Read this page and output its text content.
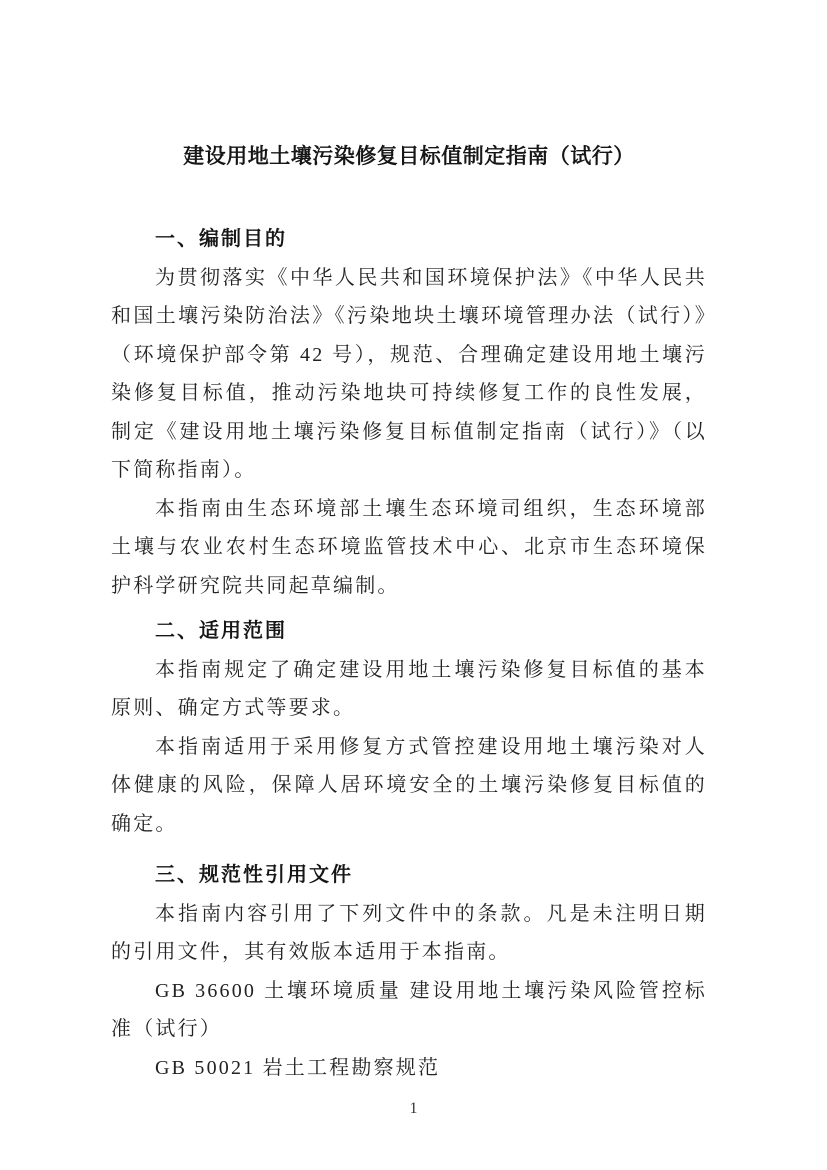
建设用地土壤污染修复目标值制定指南（试行）
一、编制目的

为贯彻落实《中华人民共和国环境保护法》《中华人民共和国土壤污染防治法》《污染地块土壤环境管理办法（试行）》（环境保护部令第 42 号），规范、合理确定建设用地土壤污染修复目标值，推动污染地块可持续修复工作的良性发展，制定《建设用地土壤污染修复目标值制定指南（试行）》（以下简称指南）。

本指南由生态环境部土壤生态环境司组织，生态环境部土壤与农业农村生态环境监管技术中心、北京市生态环境保护科学研究院共同起草编制。

二、适用范围

本指南规定了确定建设用地土壤污染修复目标值的基本原则、确定方式等要求。

本指南适用于采用修复方式管控建设用地土壤污染对人体健康的风险，保障人居环境安全的土壤污染修复目标值的确定。

三、规范性引用文件

本指南内容引用了下列文件中的条款。凡是未注明日期的引用文件，其有效版本适用于本指南。

GB 36600 土壤环境质量 建设用地土壤污染风险管控标准（试行）

GB 50021 岩土工程勘察规范

1
